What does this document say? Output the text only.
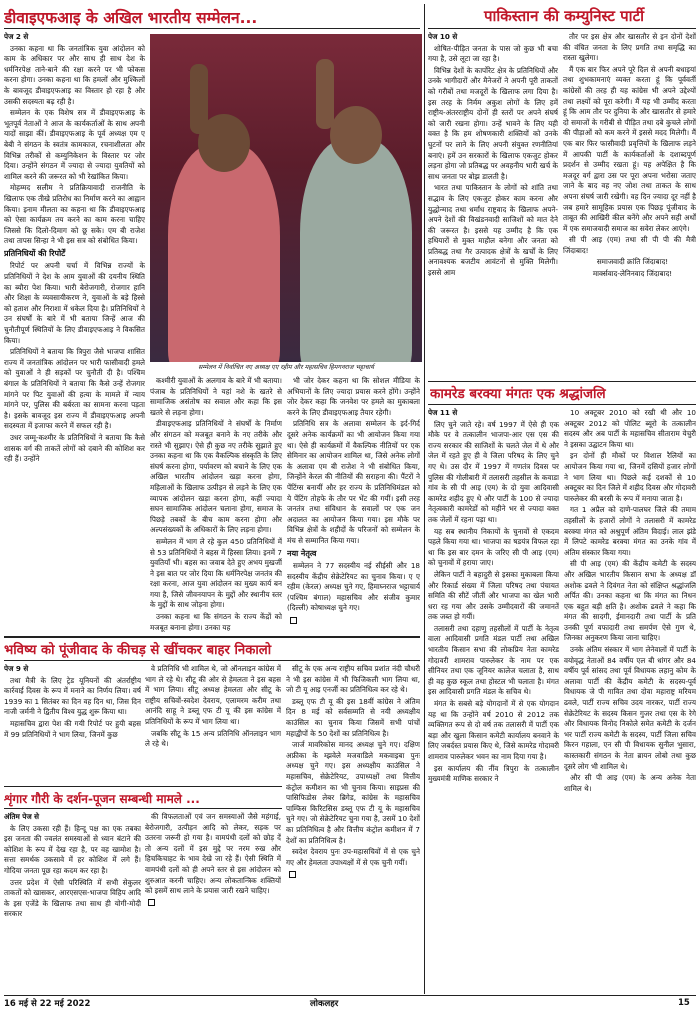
डीवाइएफआइ के अखिल भारतीय सम्मेलन...

पेज 2 से

उनका कहना था कि जनतांत्रिक युवा आंदोलन को काम के अधिकार पर और साथ ही साथ देश के धर्मनिरपेक्ष ताने-बाने की रक्षा करने पर भी फोकस करना होगा। उनका कहना था कि हमलों और मुश्किलों के बावजूद डीवाइएफआइ का विस्तार हो रहा है और उसकी सदस्यता बढ़ रही है।

सम्मेलन के एक विशेष सत्र में डीवाइएफआइ के भूतपूर्व नेताओं ने आज के कार्यकर्ताओं के साथ अपनी यादों साझा कीं। डीवाइएफआइ के पूर्व अध्यक्ष एम ए बेबी ने संगठन के स्वतंत्र कामकाज, रचनाशीलता और विभिन्न तरीकों से कम्युनिकेशन के विस्तार पर जोर दिया। उन्होंने संगठन में ज्यादा से ज्यादा युवतियों को शामिल करने की जरूरत को भी रेखांकित किया।

मोहम्मद सलीम ने प्रतिक्रियावादी राजनीति के खिलाफ एक तीखे प्रतिरोध का निर्माण करने का आह्वान किया। इनाम मीलता का कहना था कि डीवाइएफआइ को ऐसा कार्यक्रम तय करने का काम करना चाहिए जिससे कि दिलो-दिमाग को छू सके। एम बी राजेश तथा तापस सिन्हा ने भी इस सत्र को संबोधित किया।

प्रतिनिधियों की रिपोर्टें

रिपोर्ट पर अपनी चर्चा में विभिन्न राज्यों के प्रतिनिधियों ने देश के आम युवाओं की दयनीय स्थिति का ब्यौरा पेश किया। भारी बेरोजगारी, रोजगार हानि और शिक्षा के व्यवसायीकरण ने, युवाओं के बड़े हिस्से को हताश और निराशा में धकेल दिया है। प्रतिनिधियों ने उन संघर्षों के बारे में भी बताया जिन्हें आज की चुनौतीपूर्ण स्थितियों के लिए डीवाइएफआइ ने विकसित किया।

प्रतिनिधियों ने बताया कि त्रिपुरा जैसे भाजपा शासित राज्य में जनतांत्रिक आंदोलन पर भारी फासीवादी हमले को युवाओं ने ही सड़कों पर चुनौती दी है। पश्चिम बंगाल के प्रतिनिधियों ने बताया कि कैसे उन्हें रोजगार मांगने पर पिट युवाओं की हत्या के मामले में न्याय मांगने पर, पुलिस की बर्बरता का सामना करना पड़ता है। इसके बावजूद इस राज्य में डीवाइएफआइ अपनी सदस्यता में इजाफा करने में सफल रही है।

उधर जम्मू-कश्मीर के प्रतिनिधियों ने बताया कि कैसे शासक वर्ग की ताकतें लोगों को दबाने की कोशिश कर रही हैं। उन्होंने

सम्मेलन में निर्वाचित नए अध्यक्ष एए रहीम और महासचिव हिमगनराज भट्टाचार्य

कश्मीरी युवाओं के अलगाव के बारे में भी बताया। पंजाब के प्रतिनिधियों ने यहां नशे के खतरे से सामाजिक असंतोष का सवाल और कहा कि इस खतरे से लड़ना होगा।

डीवाइएफआइ प्रतिनिधियों ने संघर्षों के निर्माण और संगठन को मजबूत बनाने के नए तरीके और रास्ते भी सुझाए। ऐसे ही कुछ नए तरीके सुझाते हुए उनका कहना था कि एक वैकल्पिक संस्कृति के लिए संघर्ष करना होगा, पर्यावरण को बचाने के लिए एक अखिल भारतीय आंदोलन खड़ा करना होगा, महिलाओं के खिलाफ उत्पीड़न से लड़ने के लिए एक व्यापक आंदोलन खड़ा करना होगा, कहीं ज्यादा सघन सामाजिक आंदोलन चलाना होगा, समाज के पिछड़े तबकों के बीच काम करना होगा और अल्पसंख्यकों के अधिकारों के लिए लड़ना होगा।

सम्मेलन में भाग ले रहे कुल 450 प्रतिनिधियों में से 53 प्रतिनिधियों ने बहस में हिस्सा लिया। इनमें 7 युवतियाँ भी। बहस का जवाब देते हुए अभय मुखर्जी ने इस बात पर जोर दिया कि धर्मनिरपेक्ष जनतंत्र की रक्षा करना, आज युवा आंदोलन का मुख्य कार्य बन गया है, जिसे जीवनयापन के मुद्दों और स्थानीय स्तर के मुद्दों के साथ जोड़ना होगा।

उनका कहना था कि संगठन के राज्य केंद्रों को मजबूत बनाना होगा। उनका यह

भी जोर देकर कहना था कि सोशल मीडिया के अभियानों के लिए ज्यादा प्रयास करने होंगे। उन्होंने जोर देकर कहा कि जनवेश पर हमले का मुकाबला करने के लिए डीवाइएफआइ तैयार रहेगी।

प्रतिनिधि सत्र के अलावा सम्मेलन के इर्द-गिर्द दूसरे अनेक कार्यक्रमों का भी आयोजन किया गया था। ऐसे ही कार्यक्रमों में वैकल्पिक नीतियों पर एक सेमिनार का आयोजन शामिल था, जिसे अनेक लोगों के अलावा एम बी राजेश ने भी संबोधित किया, जिन्होंने केरल की नीतियों की सराहना की। पैंटरों ने पेंटिंग्स बनायीं और हर राज्य के प्रतिनिधिमंडल को ये पेंटिंग तोहफे के तौर पर भेंट की गयीं। इसी तरह जनतंत्र तथा संविधान के सवालों पर एक जन अदालत का आयोजन किया गया। इस मौके पर विभिन्न क्षेत्रों के शहीदों के परिजनों को सम्मेलन के मंच से सम्मानित किया गया।

नया नेतृत्व

सम्मेलन ने 77 सदस्यीय नई सीईसी और 18 सदस्यीय केंद्रीय सेक्रेटेरियट का चुनाव किया। ए ए रहीम (केरल) अध्यक्ष चुने गए, हिमाघ्नराज भट्टाचार्य (पश्चिम बंगाल) महासचिव और संजीव कुमार (दिल्ली) कोषाध्यक्ष चुने गए।

पाकिस्तान की कम्युनिस्ट पार्टी

पेज 10 से

शोषित-पीड़ित जनता के पास जो कुछ भी बचा गया है, उसे लूटा जा रहा है।

विभिन्न देशों के कार्पोरेट क्षेत्र के प्रतिनिधियों और उनके भागीदारों और मैनेजरों ने अपनी पूरी ताकतों को गरीबों तथा मजदूरों के खिलाफ लगा दिया है। इस तरह के निर्मम अकुश लोगों के लिए हमें राष्ट्रीय-अंतरराष्ट्रीय दोनों ही स्तरों पर अपने संघर्ष को जारी रखना होगा। उन्हें भावने के लिए यही वक्त है कि हम शोषणकारी शक्तियों को उनके घुटनों पर लाने के लिए अपनी संयुक्त रणनीतियां बनाएं। हमें उन सरकारों के खिलाफ एकजुट होकर लड़ना होगा जो प्रतिबद्ध पर अवहनीय भारी खर्च के साथ जनता पर बोझ डालती है।

भारत तथा पाकिस्तान के लोगों को शांति तथा सद्भाव के लिए एकजुट होकर काम करना और युद्धोन्माद तथा धर्मांध राष्ट्रवाद के खिलाफ अपने-अपने देशों की विखंडनवादी साजिशों को मात देने की जरूरत है। इससे यह उम्मीद है कि एक हथियारों से मुक्त माहौल बनेगा और जनता को प्रतिबद्ध तथा गैर उत्पादक क्षेत्रों के खर्चों के लिए अनावश्यक बजटीय आवंटनों से मुक्ति मिलेगी। इससे आम

तौर पर इस क्षेत्र और खासतौर से इन दोनों देशों की वंचित जनता के लिए प्रगति तथा समृद्धि का रास्ता खुलेगा।

मैं एक बार फिर अपने पूरे दिल से अपनी बधाइयां तथा शुभकामनाएं व्यक्त करता हूं कि पूर्ववर्ती कांग्रेसों की तरह ही यह कांग्रेस भी अपने उद्देश्यों तथा लक्ष्यों को पूरा करेगी। मैं यह भी उम्मीद करता हूं कि आम तौर पर दुनिया के और खासतौर से हमारे दो समाजों के गरीबी से पीड़ित तथा दबे कुचले लोगों की पीड़ाओं को कम करने में इससे मदद मिलेगी। मैं एक बार फिर फासीवादी प्रवृत्तियों के खिलाफ लड़ने में आपकी पार्टी के कार्यकर्ताओं के दशाब्दपूर्ण प्रदर्शन से उम्मीद रखता हूं। यह अपेक्षित है कि मजदूर वर्ग द्वारा उस पर पूरा अपना भरोसा जताए जाने के बाद वह नए जोश तथा ताकत के साथ अपना संघर्ष जारी रखेगी। वह दिन ज्यादा दूर नहीं है जब हमारे सामूहिक प्रयास एक पिछड़ पूंजीवाद के ताबूत की आखिरी कील बनेंगे और अपने सही अर्थों में एक समाजवादी समाज का सवेरा लेकर आएंगे।

सी पी आइ (एम) तथा सी पी पी की मैत्री जिंदाबाद!

समाजवादी क्रांति जिंदाबाद!

मार्क्सवाद-लेनिनवाद जिंदाबाद!

कामरेड बरक्या मंगतः एक श्रद्धांजलि

पेज 11 से

लिए चुने जाते रहे। वर्ष 1997 में ऐसे ही एक मौके पर वे तत्कालीन भाजपा-आर एस एस की राज्य सरकार की साजिशों के चलते जेल में थे और जेल में रहते हुए ही वे जिला परिषद के लिए चुने गए थे। उस दौर में 1997 में गणतंत्र दिवस पर पुलिस की गोलीबारी में तलासरी तहसील के कवाडा गांव के सी पी आइ (एम) के दो युवा आदिवासी कामरेड शहीद हुए थे और पार्टी के 100 से ज्यादा नेतृत्वकारी कामरेडों को महीने भर से ज्यादा वक्त तक जेलों में रहना पड़ा था।

यह सब स्थानीय निकायों के चुनावों से एकदम पहले किया गया था। भाजपा का षडयंत्र विफल रहा था कि इस बार दमन के जरिए सी पी आइ (एम) को चुनावों में हराया जाए।

लेकिन पार्टी ने बहादुरी से इसका मुकाबला किया और रिकार्ड संख्या में जिला परिषद तथा पंचायत समिति की सीटें जीतीं और भाजपा का खेल भारी धरा रह गया और उसके उम्मीदवारों की जमानतें तक जब्त हो गयीं।

तलासरी तथा दहाणु तहसीलों में पार्टी के नेतृत्व वाला आदिवासी प्रगति मंडल पार्टी तथा अखिल भारतीय किसान सभा की लोकप्रिय नेता कामरेड गोदावरी शामराव पारुलेकर के नाम पर एक सीनियर तथा एक जूनियर कालेज चलाता है, साथ ही वह कुछ स्कूल तथा होस्टल भी चलाता है। मंगत इस आदिवासी प्रगति मंडल के सचिव थे।

मंगत के सबसे बड़े योगदानों में से एक योगदान यह था कि उन्होंने वर्ष 2010 से 2012 तक व्यक्तिगत रूप से दो वर्ष तक तलासरी में पार्टी एक बड़ा और खुला किसान कमेटी कार्यालय बनवाने के लिए जबर्दस्त प्रयास किए थे, जिसे कामरेड गोदावरी शामराव पारुलेकर भवन का नाम दिया गया है।

इस कार्यालय की नींव त्रिपुरा के तत्कालीन मुख्यमंत्री माणिक सरकार ने

10 अक्टूबर 2010 को रखी थी और 10 अक्टूबर 2012 को पोलिट ब्यूरो के तत्कालीन सदस्य और अब पार्टी के महासचिव सीताराम येचुरी ने इसका उद्घाटन किया था।

इन दोनों ही मौकों पर विशाल रैलियों का आयोजन किया गया था, जिनमें दसियों हजार लोगों ने भाग लिया था। पिछले कई दशकों से 10 अक्टूबर का दिन जिले में शहीद दिवस और गोदावरी पारुलेकर की बरसी के रूप में मनाया जाता है।

गत 1 अप्रैल को दाणे-पालघर जिले की तमाम तहसीलों के हजारों लोगों ने तलासरी में कामरेड बरक्या मंगत को अश्रुपूर्ण अंतिम विदाई। लाल झंडे में लिपटे कामरेड बरक्या मंगत का उनके गांव में अंतिम संस्कार किया गया।

सी पी आइ (एम) की केंद्रीय कमेटी के सदस्य और अखिल भारतीय किसान सभा के अध्यक्ष डॉ अशोक ढवले ने दिवंगत नेता को संक्षिप्त श्रद्धांजलि अर्पित की। उनका कहना था कि मंगत का निधन एक बहुत बड़ी क्षति है। अशोक ढवले ने कहा कि मंगत की सादगी, ईमानदारी तथा पार्टी के प्रति उनकी पूर्ण वफादारी तथा समर्पण ऐसे गुण थे, जिनका अनुकरण किया जाना चाहिए।

उनके अंतिम संस्कार में भाग लेनेवालों में पार्टी के वयोवृद्ध नेताओं 84 वर्षीय एल बी धांगर और 84 वर्षीय पूर्व सांसद तथा पूर्व विधायक लहानु कोम के अलावा पार्टी की केंद्रीय कमेटी के सदस्य-पूर्व विधायक जे पी गावित तथा दोवा महाराष्ट्र मरियम ढवले, पार्टी राज्य सचिव उदय नारकर, पार्टी राज्य सेक्रेटेरियट के सदस्य किसन गुजर तथा एस के रेगे और विधायक विनोद निकोले समेत कमेटी के दर्जन भर पार्टी राज्य कमेटी के सदस्य, पार्टी जिला सचिव किरन गहाला, एन सी पी विधायक सुनील भुसारा, कास्तकारी संगठन के नेता ब्रायन लोबो तथा कुछ दूसरे लोग भी शामिल थे।

और सी पी आइ (एम) के अन्य अनेक नेता शामिल थे।

भविष्य को पूंजीवाद के कीचड़ से खींचकर बाहर निकालो

पेज 9 से

तथा मैत्री के लिए ट्रेड यूनियनों की अंतर्राष्ट्रीय कार्रवाई दिवस के रूप में मनाने का निर्णय लिया। वर्ष 1939 का 1 सितंबर का दिन वह दिन था, जिस दिन नाजी जर्मनी ने द्वितीय विश्व युद्ध शुरू किया था।

महासचिव द्वारा पेश की गयी रिपोर्ट पर हुयी बहस में 99 प्रतिनिधियों ने भाग लिया, जिनमें कुछ

वे प्रतिनिधि भी शामिल थे, जो ऑनलाइन कांग्रेस में भाग ले रहे थे। सीटू की ओर से हेमलता ने इस बहस में भाग लिया। सीटू अध्यक्ष हेमलता और सीटू के राष्ट्रीय सचिवों-स्वदेश देवराय, एलामरम करीम तथा आनंदि साहू ने डब्लू एफ टी यू की इस कांग्रेस में प्रतिनिधियों के रूप में भाग लिया था।

जबकि सीटू के 15 अन्य प्रतिनिधि ऑनलाइन भाग ले रहे थे।

सीटू के एक अन्य राष्ट्रीय सचिव प्रशांत नंदी चौधरी ने भी इस कांग्रेस में भी फिजिकली भाग लिया था, जो टी यू आइ एनर्जी का प्रतिनिधित्व कर रहे थे।

डब्लू एफ टी यू की इस 18वीं कांग्रेस ने अंतिम दिन 8 मई को सर्वसम्मति से नयी अध्यक्षीय काउंसिल का चुनाव किया जिसमें सभी पांचों महाद्वीपों के 50 देशों का प्रतिनिधित्व है।

जार्ज मावरिकोस मानद अध्यक्ष चुने गए। दक्षिण अफ्रीका के म्झवेले मजवाडिले मकवाइबा पुनः अध्यक्ष चुने गए। इस अध्यक्षीय काउंसिल ने महासचिव, सेक्रेटेरियट, उपाध्यक्षों तथा वित्तीय कंट्रोल कमीशन का भी चुनाव किया। साइप्रस की पासिफिडोस लेबर ब्रिगेड, कांग्रेस के महासचिव पाम्फिस किरिटसिस डब्लू एफ टी यू के महासचिव चुने गए। जो सेक्रेटेरियट चुना गया है, उसमें 10 देशों का प्रतिनिधित्व है और वित्तीय कंट्रोल कमीशन में 7 देशों का प्रतिनिधित्व है।

स्वदेश देवराय पुनः उप-महासचिवों में से एक चुने गए और हेमलता उपाध्यक्षों में से एक चुनी गयीं।

शृंगार गौरी के दर्शन-पूजन सम्बन्धी मामले ...

अंतिम पेज से

के लिए उकसा रही हैं। हिन्दू पक्ष का एक तबका इस जनता की ज्वलंत समस्याओं से ध्यान बंटाने की कोशिश के रूप में देख रहा है, पर वह खामोश है। सत्ता समर्थक उकसावे में हर कोशिश में लगे हैं। गोदिया जनता पूछ रहा कदम कर रहा है।

उत्तर प्रदेश में ऐसी परिस्थिति में सभी सेकुलर ताकतों को खासकर, आरएसएस-भाजपा विहिप आदि के इस एजेंडे के खिलाफ तथा साथ ही योगी-मोदी सरकार

की विफलताओं एवं जन समस्याओं जैसे महंगाई, बेरोजगारी, उत्पीड़न आदि को लेकर, सड़क पर उतरना जरूरी हो गया है। वामपंथी दलों को छोड़ दें तो अन्य दलों में इस मुद्दे पर नरम रुख और हिचकिचाहट के भाव देखे जा रहे हैं। ऐसी स्थिति में वामपंथी दलों को ही अपने स्तर से इस आंदोलन को शुरुआत करनी चाहिए। अन्य लोकतान्त्रिक शक्तियों को इसमें साथ लाने के प्रयास जारी रखने चाहिए।

16 मई से 22 मई 2022	लोकलहर	15
